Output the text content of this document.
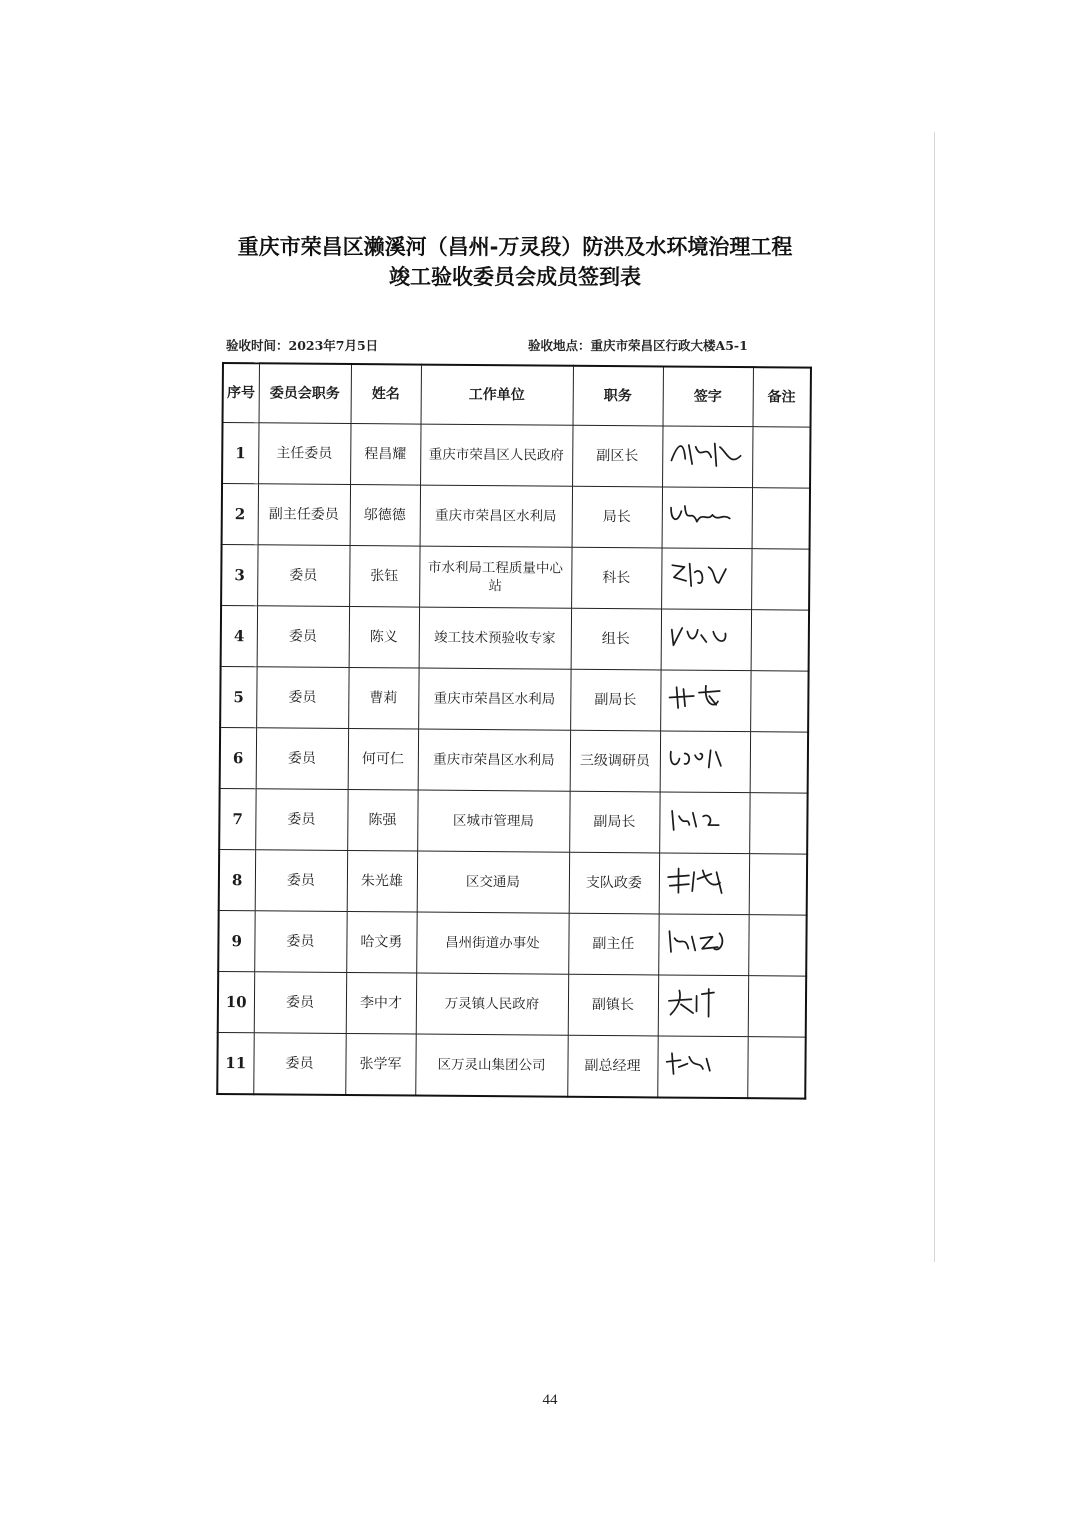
重庆市荣昌区濑溪河（昌州-万灵段）防洪及水环境治理工程
竣工验收委员会成员签到表
验收时间：2023年7月5日	验收地点：重庆市荣昌区行政大楼A5-1
序号	委员会职务	姓名	工作单位	职务	签字	备注
1	主任委员	程昌耀	重庆市荣昌区人民政府	副区长		
2	副主任委员	邬德德	重庆市荣昌区水利局	局长		
3	委员	张钰	市水利局工程质量中心站	科长		
4	委员	陈义	竣工技术预验收专家	组长		
5	委员	曹莉	重庆市荣昌区水利局	副局长		
6	委员	何可仁	重庆市荣昌区水利局	三级调研员		
7	委员	陈强	区城市管理局	副局长		
8	委员	朱光雄	区交通局	支队政委		
9	委员	哈文勇	昌州街道办事处	副主任		
10	委员	李中才	万灵镇人民政府	副镇长		
11	委员	张学军	区万灵山集团公司	副总经理		
44
